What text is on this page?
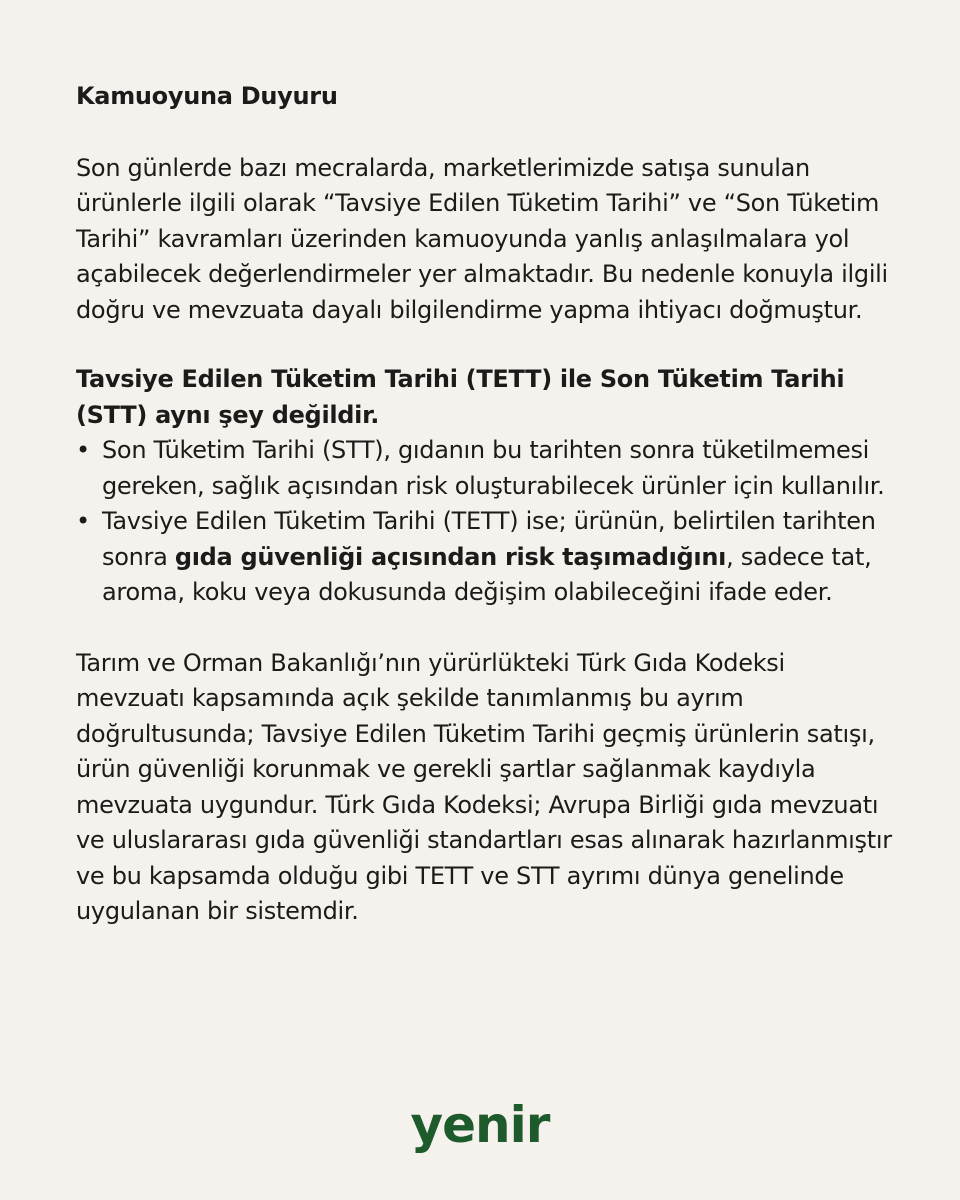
Kamuoyuna Duyuru

Son günlerde bazı mecralarda, marketlerimizde satışa sunulan ürünlerle ilgili olarak “Tavsiye Edilen Tüketim Tarihi” ve “Son Tüketim Tarihi” kavramları üzerinden kamuoyunda yanlış anlaşılmalara yol açabilecek değerlendirmeler yer almaktadır. Bu nedenle konuyla ilgili doğru ve mevzuata dayalı bilgilendirme yapma ihtiyacı doğmuştur.

Tavsiye Edilen Tüketim Tarihi (TETT) ile Son Tüketim Tarihi (STT) aynı şey değildir.

• Son Tüketim Tarihi (STT), gıdanın bu tarihten sonra tüketilmemesi gereken, sağlık açısından risk oluşturabilecek ürünler için kullanılır.
• Tavsiye Edilen Tüketim Tarihi (TETT) ise; ürünün, belirtilen tarihten sonra gıda güvenliği açısından risk taşımadığını, sadece tat, aroma, koku veya dokusunda değişim olabileceğini ifade eder.

Tarım ve Orman Bakanlığı’nın yürürlükteki Türk Gıda Kodeksi mevzuatı kapsamında açık şekilde tanımlanmış bu ayrım doğrultusunda; Tavsiye Edilen Tüketim Tarihi geçmiş ürünlerin satışı, ürün güvenliği korunmak ve gerekli şartlar sağlanmak kaydıyla mevzuata uygundur. Türk Gıda Kodeksi; Avrupa Birliği gıda mevzuatı ve uluslararası gıda güvenliği standartları esas alınarak hazırlanmıştır ve bu kapsamda olduğu gibi TETT ve STT ayrımı dünya genelinde uygulanan bir sistemdir.

yenir
